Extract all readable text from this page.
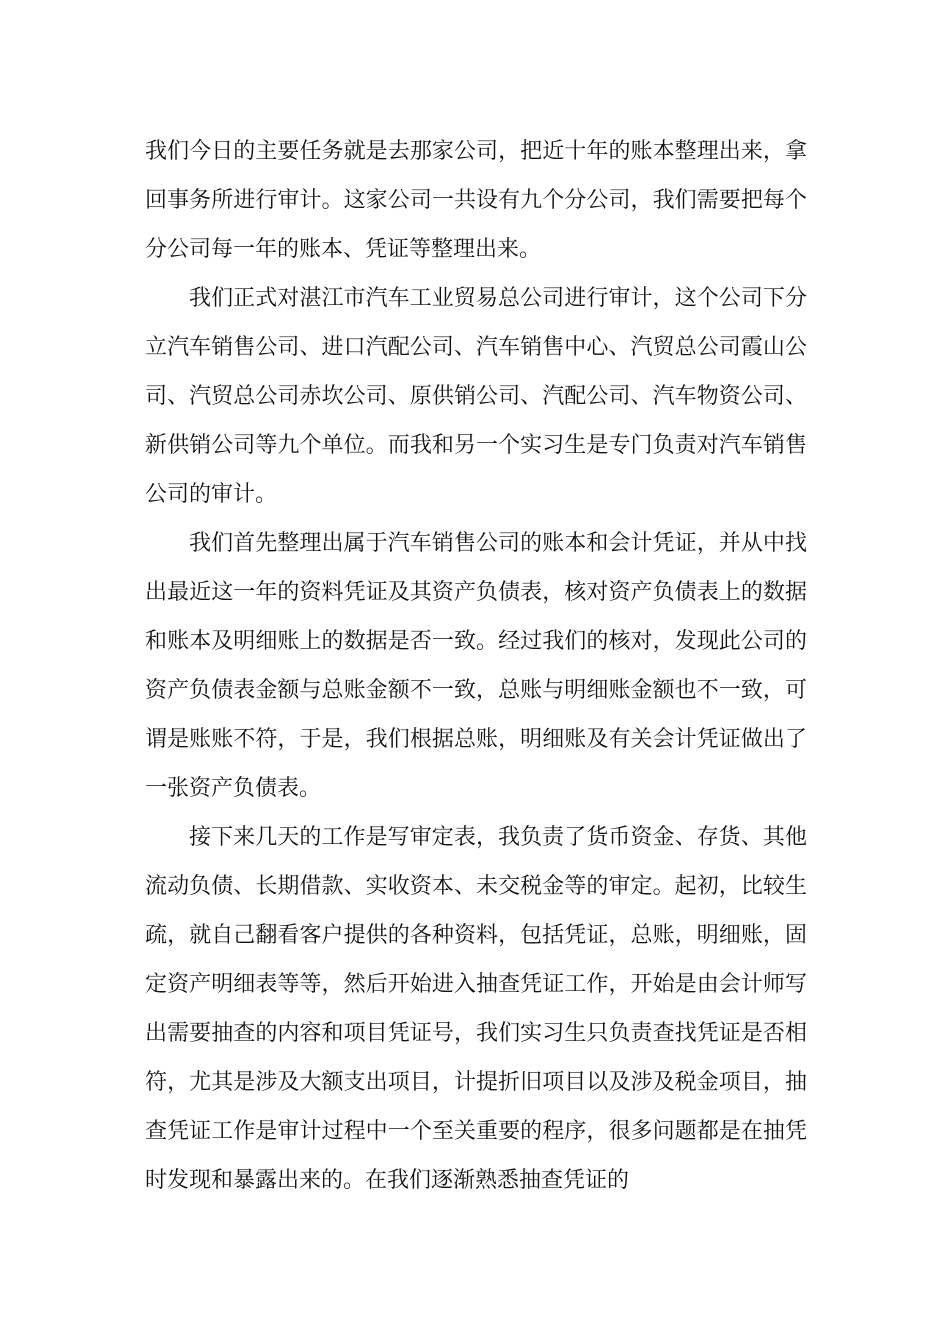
我们今日的主要任务就是去那家公司，把近十年的账本整理出来，拿回事务所进行审计。这家公司一共设有九个分公司，我们需要把每个分公司每一年的账本、凭证等整理出来。

我们正式对湛江市汽车工业贸易总公司进行审计，这个公司下分立汽车销售公司、进口汽配公司、汽车销售中心、汽贸总公司霞山公司、汽贸总公司赤坎公司、原供销公司、汽配公司、汽车物资公司、新供销公司等九个单位。而我和另一个实习生是专门负责对汽车销售公司的审计。

我们首先整理出属于汽车销售公司的账本和会计凭证，并从中找出最近这一年的资料凭证及其资产负债表，核对资产负债表上的数据和账本及明细账上的数据是否一致。经过我们的核对，发现此公司的资产负债表金额与总账金额不一致，总账与明细账金额也不一致，可谓是账账不符，于是，我们根据总账，明细账及有关会计凭证做出了一张资产负债表。

接下来几天的工作是写审定表，我负责了货币资金、存货、其他流动负债、长期借款、实收资本、未交税金等的审定。起初，比较生疏，就自己翻看客户提供的各种资料，包括凭证，总账，明细账，固定资产明细表等等，然后开始进入抽查凭证工作，开始是由会计师写出需要抽查的内容和项目凭证号，我们实习生只负责查找凭证是否相符，尤其是涉及大额支出项目，计提折旧项目以及涉及税金项目，抽查凭证工作是审计过程中一个至关重要的程序，很多问题都是在抽凭时发现和暴露出来的。在我们逐渐熟悉抽查凭证的
